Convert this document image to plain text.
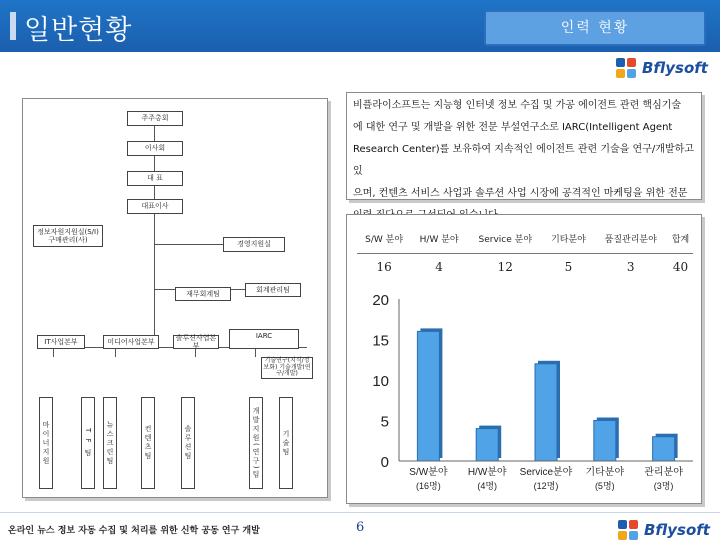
일반현황	인력 현황
Bflysoft
비플라이소프트는 지능형 인터넷 정보 수집 및 가공 에이전트 관련 핵심기술
에 대한 연구 및 개발을 위한 전문 부설연구소로 IARC(Intelligent Agent
Research Center)를 보유하여 지속적인 에이전트 관련 기술을 연구/개발하고 있
으며, 컨텐츠 서비스 사업과 솔루션 사업 시장에 공격적인 마케팅을 위한 전문
주주총회
이사회
대 표
대표이사
정보자원지원실(S/I) 구매관리(사)
경영지원실
재무회계팀	회계관리팀
IT사업본부	미디어사업본부
솔루션사업본부
IARC
기술연구(지식/정보화) 기술개발(연구/개발)
마이너지원	T F 팀	뉴스크린팀	컨텐츠팀	솔루션팀	개발지원(연구)팀	기술팀
S/W 분야	H/W 분야	Service 분야	기타분야	품질관리분야	합계
16	4	12	5	3	40
0
5
10
15
20
S/W분야
(16명)
H/W분야
(4명)
Service분야
(12명)
기타분야
(5명)
관리분야
(3명)
Bflysoft
온라인 뉴스 정보 자동 수집 및 처리를 위한 신학 공동 연구 개발	6
